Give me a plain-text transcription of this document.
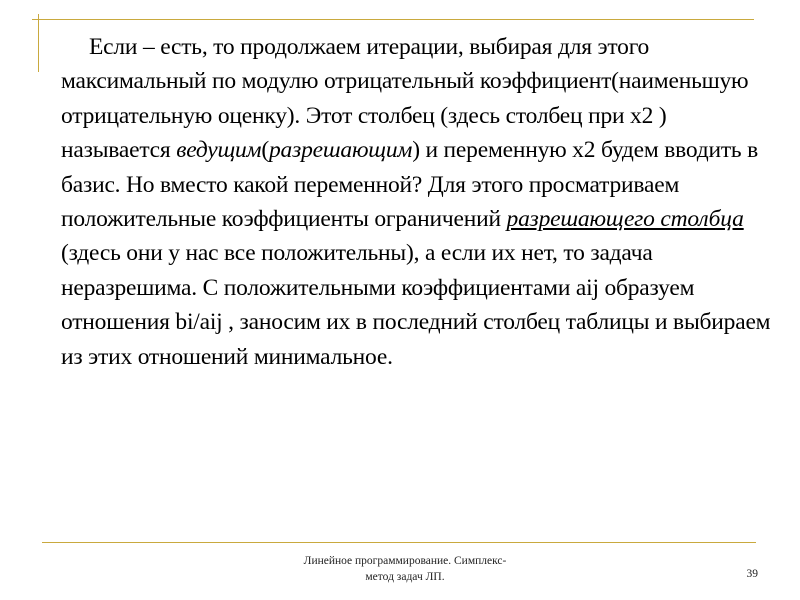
Если – есть, то продолжаем итерации, выбирая для этого максимальный по модулю отрицательный коэффициент(наименьшую отрицательную оценку). Этот столбец (здесь столбец при x2 ) называется ведущим(разрешающим) и переменную x2 будем вводить в базис. Но вместо какой переменной? Для этого просматриваем положительные коэффициенты ограничений разрешающего столбца (здесь они у нас все положительны), а если их нет, то задача неразрешима. С положительными коэффициентами aij образуем отношения bi/aij , заносим их в последний столбец таблицы и выбираем из этих отношений минимальное.

Линейное программирование. Симплекс-
метод задач ЛП.	39
